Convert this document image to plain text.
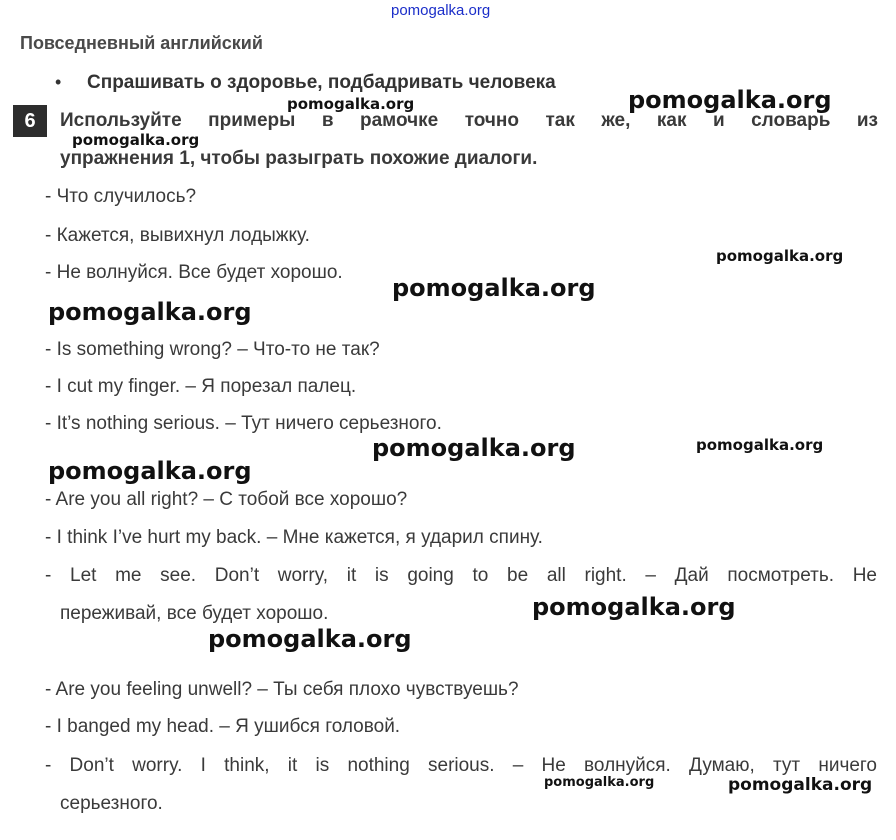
pomogalka.org
Повседневный английский
• Спрашивать о здоровье, подбадривать человека
6	Используйте примеры в рамочке точно так же, как и словарь из
упражнения 1, чтобы разыграть похожие диалоги.
- Что случилось?
- Кажется, вывихнул лодыжку.
- Не волнуйся. Все будет хорошо.
- Is something wrong? – Что-то не так?
- I cut my finger. – Я порезал палец.
- It’s nothing serious. – Тут ничего серьезного.
- Are you all right? – С тобой все хорошо?
- I think I’ve hurt my back. – Мне кажется, я ударил спину.
- Let me see. Don’t worry, it is going to be all right. – Дай посмотреть. Не
переживай, все будет хорошо.
- Are you feeling unwell? – Ты себя плохо чувствуешь?
- I banged my head. – Я ушибся головой.
- Don’t worry. I think, it is nothing serious. – Не волнуйся. Думаю, тут ничего
серьезного.
pomogalka.org	pomogalka.org
pomogalka.org
pomogalka.org
pomogalka.org
pomogalka.org
pomogalka.org	pomogalka.org
pomogalka.org
pomogalka.org
pomogalka.org
pomogalka.org	pomogalka.org
